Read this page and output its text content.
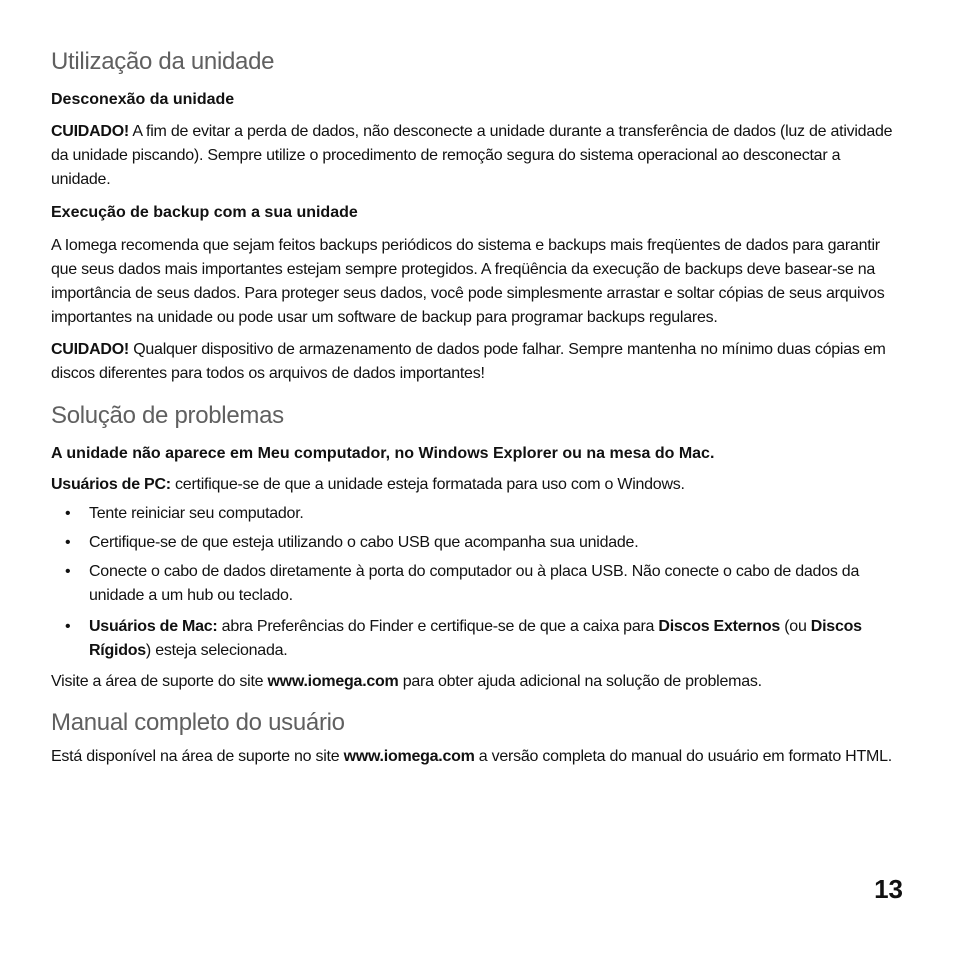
Utilização da unidade
Desconexão da unidade

CUIDADO! A fim de evitar a perda de dados, não desconecte a unidade durante a transferência de dados (luz de atividade da unidade piscando). Sempre utilize o procedimento de remoção segura do sistema operacional ao desconectar a unidade.

Execução de backup com a sua unidade

A Iomega recomenda que sejam feitos backups periódicos do sistema e backups mais freqüentes de dados para garantir que seus dados mais importantes estejam sempre protegidos. A freqüência da execução de backups deve basear-se na importância de seus dados. Para proteger seus dados, você pode simplesmente arrastar e soltar cópias de seus arquivos importantes na unidade ou pode usar um software de backup para programar backups regulares.

CUIDADO! Qualquer dispositivo de armazenamento de dados pode falhar. Sempre mantenha no mínimo duas cópias em discos diferentes para todos os arquivos de dados importantes!

Solução de problemas
A unidade não aparece em Meu computador, no Windows Explorer ou na mesa do Mac.

Usuários de PC: certifique-se de que a unidade esteja formatada para uso com o Windows.

• Tente reiniciar seu computador.
• Certifique-se de que esteja utilizando o cabo USB que acompanha sua unidade.
• Conecte o cabo de dados diretamente à porta do computador ou à placa USB. Não conecte o cabo de dados da unidade a um hub ou teclado.
• Usuários de Mac: abra Preferências do Finder e certifique-se de que a caixa para Discos Externos (ou Discos Rígidos) esteja selecionada.

Visite a área de suporte do site www.iomega.com para obter ajuda adicional na solução de problemas.

Manual completo do usuário

Está disponível na área de suporte no site www.iomega.com a versão completa do manual do usuário em formato HTML.

13
